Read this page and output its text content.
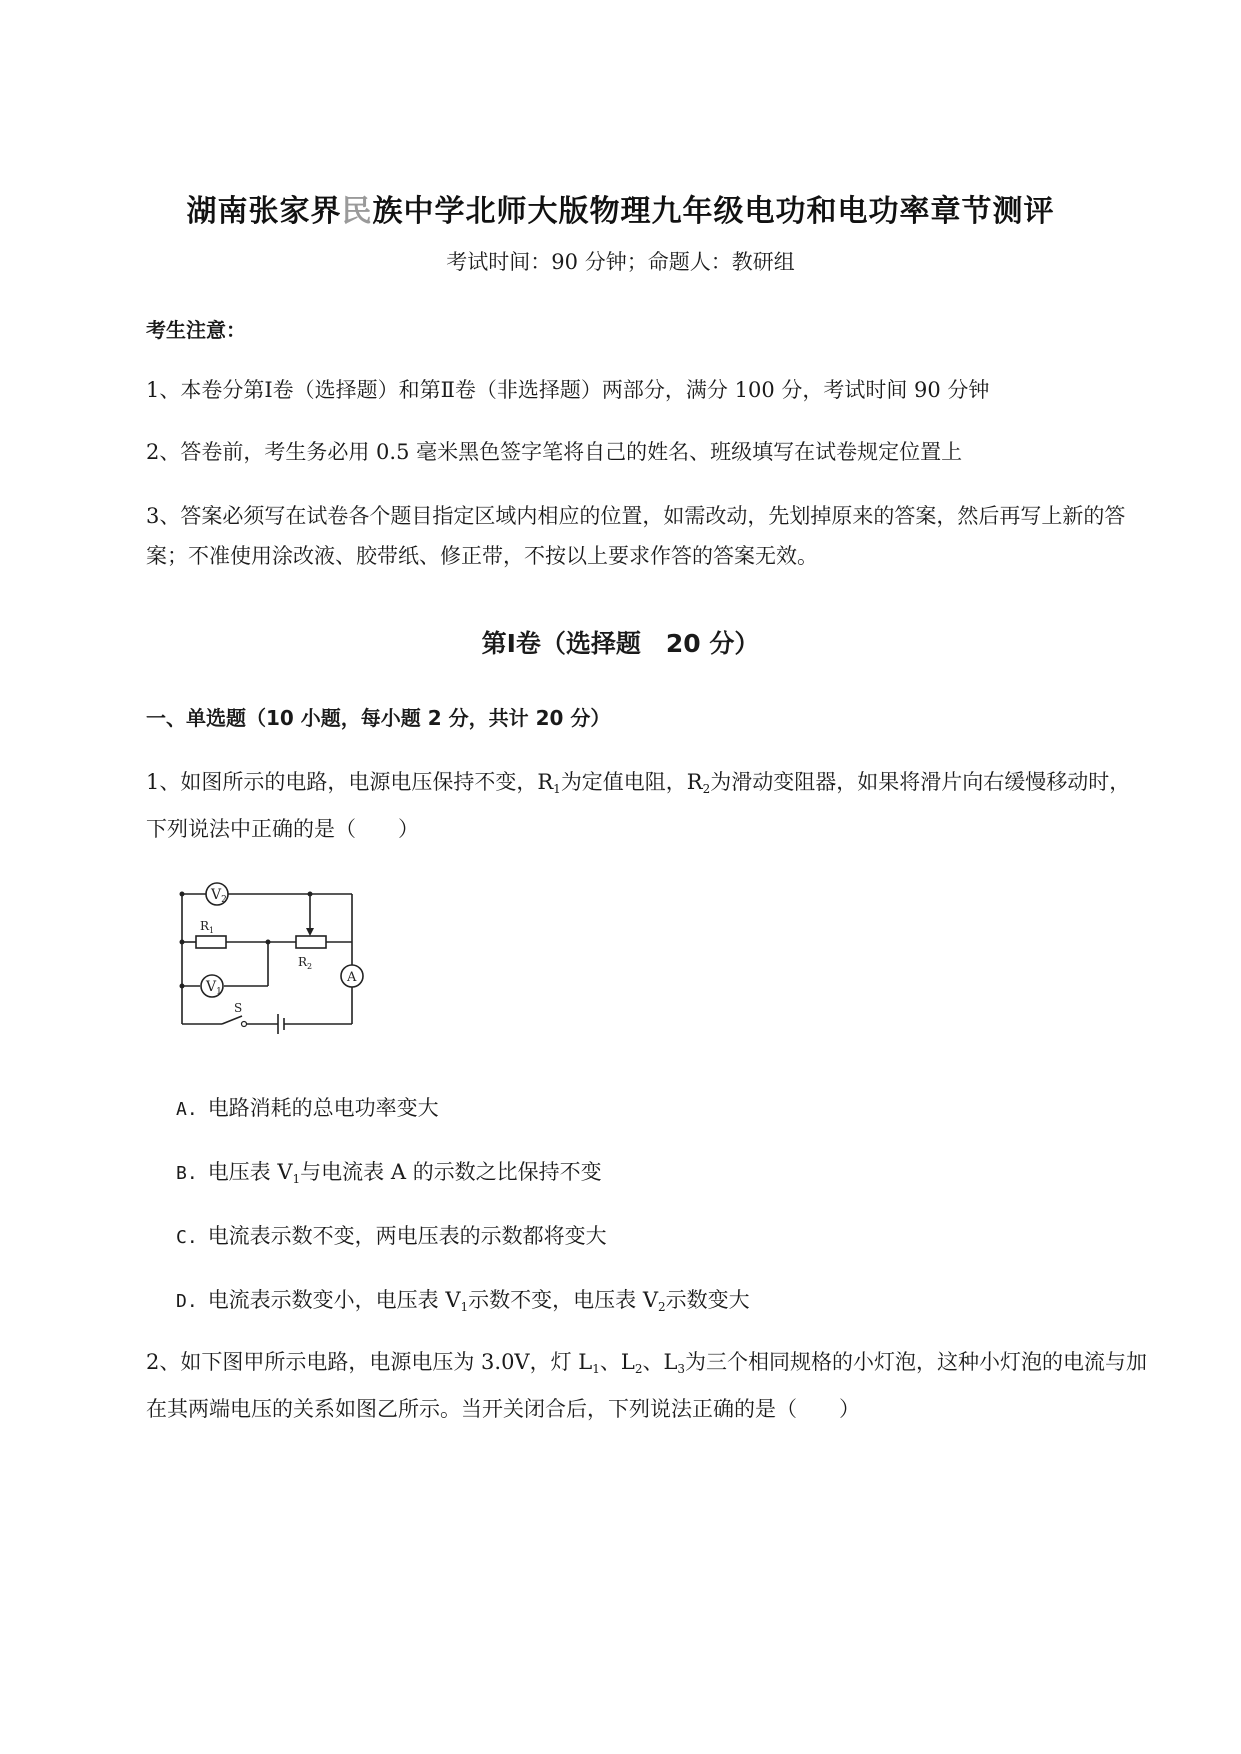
湖南张家界民族中学北师大版物理九年级电功和电功率章节测评
考试时间：90 分钟；命题人：教研组
考生注意：
1、本卷分第Ⅰ卷（选择题）和第Ⅱ卷（非选择题）两部分，满分 100 分，考试时间 90 分钟
2、答卷前，考生务必用 0.5 毫米黑色签字笔将自己的姓名、班级填写在试卷规定位置上
3、答案必须写在试卷各个题目指定区域内相应的位置，如需改动，先划掉原来的答案，然后再写上新的答案；不准使用涂改液、胶带纸、修正带，不按以上要求作答的答案无效。
第Ⅰ卷（选择题　20 分）
一、单选题（10 小题，每小题 2 分，共计 20 分）
1、如图所示的电路，电源电压保持不变，$R_1$为定值电阻，$R_2$为滑动变阻器，如果将滑片向右缓慢移动时，下列说法中正确的是（　　）
$V_2$
$V_1$
$R_1$
$R_2$
A
S
A. 电路消耗的总电功率变大
B. 电压表 $V_1$与电流表 A 的示数之比保持不变
C. 电流表示数不变，两电压表的示数都将变大
D. 电流表示数变小，电压表 $V_1$示数不变，电压表 $V_2$示数变大
2、如下图甲所示电路，电源电压为 3.0V，灯 $L_1$、$L_2$、$L_3$为三个相同规格的小灯泡，这种小灯泡的电流与加在其两端电压的关系如图乙所示。当开关闭合后，下列说法正确的是（　　）
